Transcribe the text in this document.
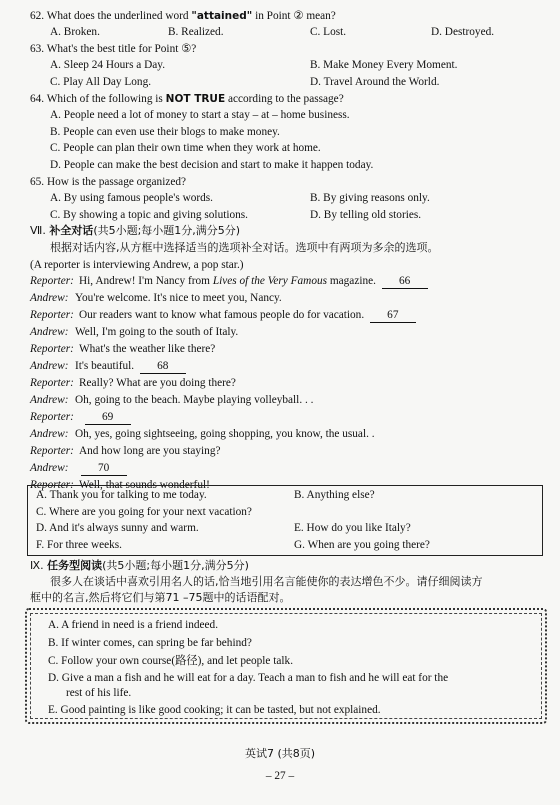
62. What does the underlined word "attained" in Point ② mean?
A. Broken.	B. Realized.	C. Lost.	D. Destroyed.
63. What's the best title for Point ⑤?
A. Sleep 24 Hours a Day.	B. Make Money Every Moment.
C. Play All Day Long.	D. Travel Around the World.
64. Which of the following is NOT TRUE according to the passage?
A. People need a lot of money to start a stay – at – home business.
B. People can even use their blogs to make money.
C. People can plan their own time when they work at home.
D. People can make the best decision and start to make it happen today.
65. How is the passage organized?
A. By using famous people's words.	B. By giving reasons only.
C. By showing a topic and giving solutions.	D. By telling old stories.
Ⅶ. 补全对话(共5小题;每小题1分,满分5分)
根据对话内容,从方框中选择适当的选项补全对话。选项中有两项为多余的选项。
(A reporter is interviewing Andrew, a pop star.)
Reporter: Hi, Andrew! I'm Nancy from Lives of the Very Famous magazine. 66
Andrew: You're welcome. It's nice to meet you, Nancy.
Reporter: Our readers want to know what famous people do for vacation. 67
Andrew: Well, I'm going to the south of Italy.
Reporter: What's the weather like there?
Andrew: It's beautiful. 68
Reporter: Really? What are you doing there?
Andrew: Oh, going to the beach. Maybe playing volleyball. . .
Reporter: 69
Andrew: Oh, yes, going sightseeing, going shopping, you know, the usual. .
Reporter: And how long are you staying?
Andrew:	70
Reporter: Well, that sounds wonderful!
A. Thank you for talking to me today.	B. Anything else?
C. Where are you going for your next vacation?
D. And it's always sunny and warm.	E. How do you like Italy?
F. For three weeks.	G. When are you going there?
Ⅸ. 任务型阅读(共5小题;每小题1分,满分5分)
很多人在谈话中喜欢引用名人的话,恰当地引用名言能使你的表达增色不少。请仔细阅读方
框中的名言,然后将它们与第71 –75题中的话语配对。
A. A friend in need is a friend indeed.
B. If winter comes, can spring be far behind?
C. Follow your own course(路径), and let people talk.
D. Give a man a fish and he will eat for a day. Teach a man to fish and he will eat for the
rest of his life.
E. Good painting is like good cooking; it can be tasted, but not explained.
英试7 (共8页)
– 27 –
